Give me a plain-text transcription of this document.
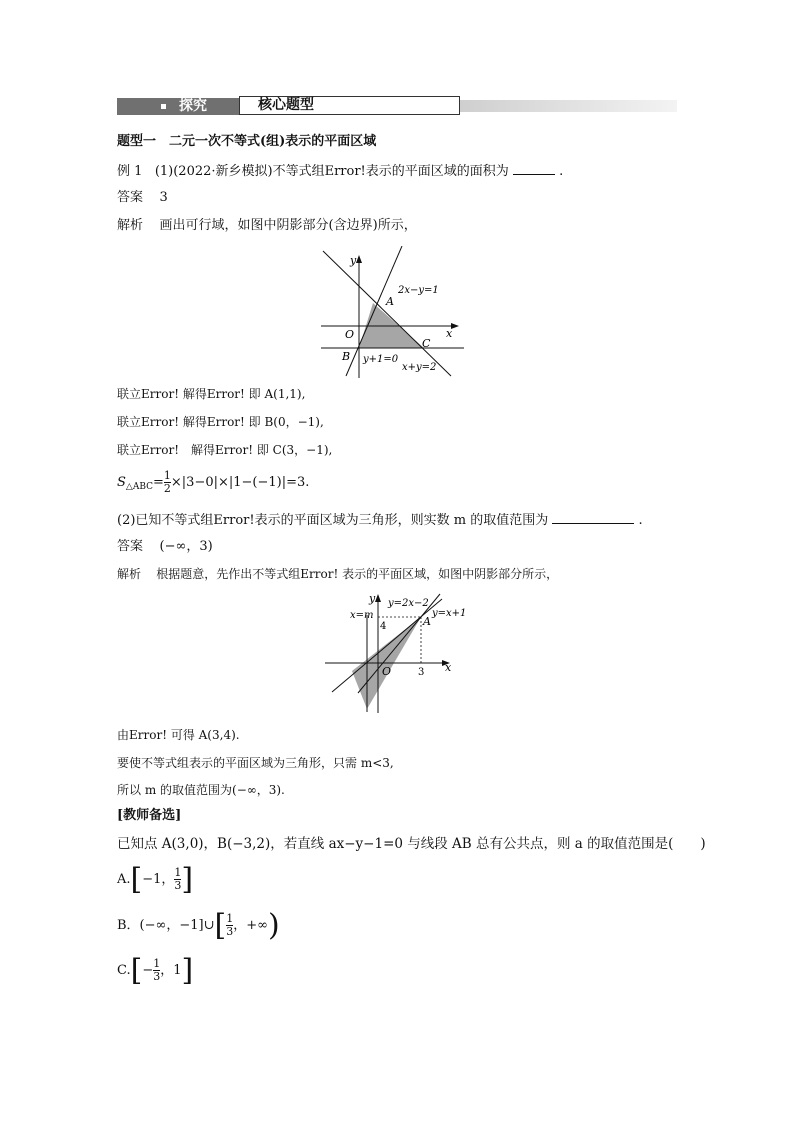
探究	核心题型
题型一　二元一次不等式(组)表示的平面区域
例 1 (1)(2022·新乡模拟)不等式组Error!表示的平面区域的面积为	.
答案 3
解析 画出可行域，如图中阴影部分(含边界)所示，
y
x
O
A
B
C
2x−y=1
y+1=0
x+y=2
联立Error! 解得Error! 即 A(1,1),
联立Error! 解得Error! 即 B(0，−1),
联立Error!　解得Error! 即 C(3，−1),
$S_{\triangle ABC}= \frac{1}{2} \times|3-0|\times|1-(-1)|=3$.
(2)已知不等式组Error!表示的平面区域为三角形，则实数 m 的取值范围为	.
答案 (−∞，3)
解析 根据题意，先作出不等式组Error! 表示的平面区域，如图中阴影部分所示，
y
x
O
A
x=m
y=2x−2
y=x+1
4
3
由Error! 可得 A(3,4).
要使不等式组表示的平面区域为三角形，只需 m<3,
所以 m 的取值范围为(−∞，3).
[教师备选]
已知点 A(3,0)，B(−3,2)，若直线 ax−y−1=0 与线段 AB 总有公共点，则 a 的取值范围是(　　)
A.[−1， $\frac{1}{3}$ ]
B．(−∞，−1]∪[ $\frac{1}{3}$ ，+∞)
$C.[- \frac{1}{3}$ ，1]
